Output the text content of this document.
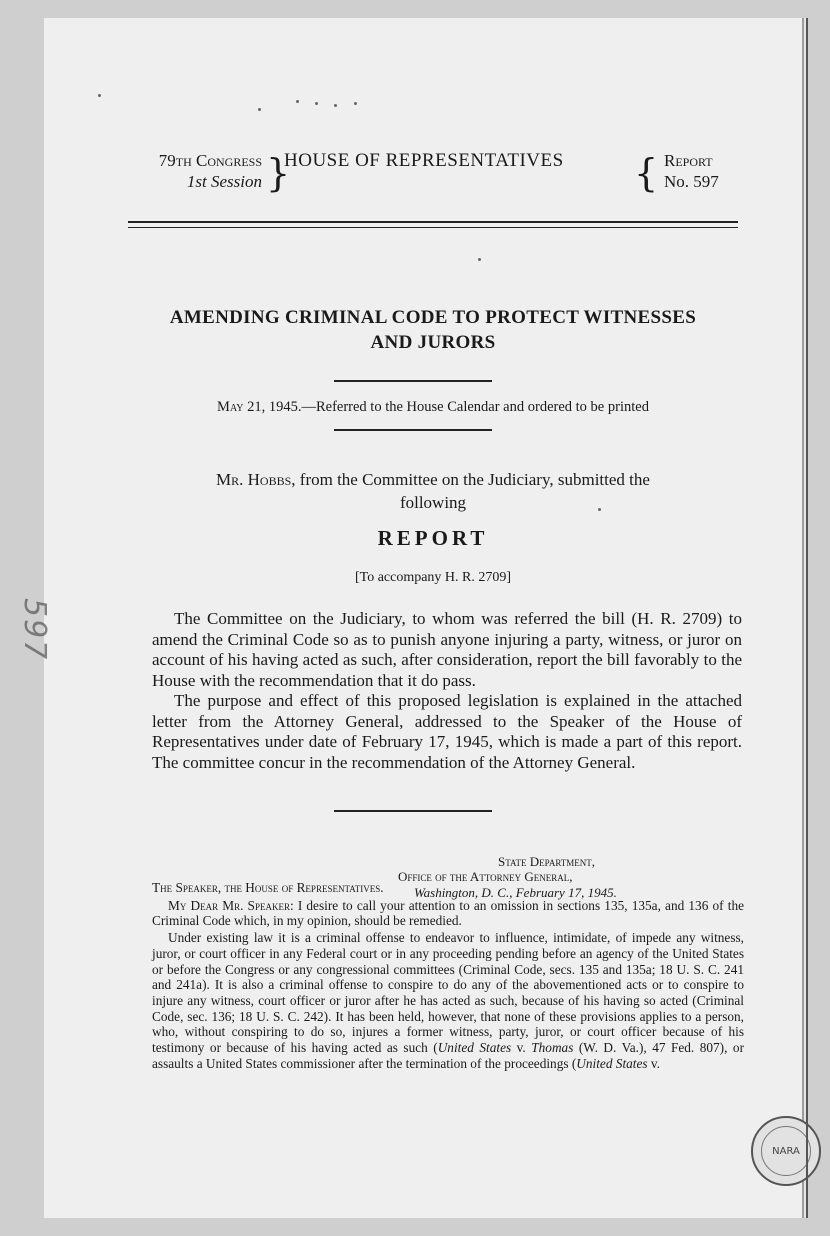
79th Congress
1st Session }
HOUSE OF REPRESENTATIVES { Report
No. 597
AMENDING CRIMINAL CODE TO PROTECT WITNESSES
AND JURORS
May 21, 1945.—Referred to the House Calendar and ordered to be printed
Mr. Hobbs, from the Committee on the Judiciary, submitted the
following
REPORT
[To accompany H. R. 2709]

The Committee on the Judiciary, to whom was referred the bill (H. R. 2709) to amend the Criminal Code so as to punish anyone injuring a party, witness, or juror on account of his having acted as such, after consideration, report the bill favorably to the House with the recommendation that it do pass.

The purpose and effect of this proposed legislation is explained in the attached letter from the Attorney General, addressed to the Speaker of the House of Representatives under date of February 17, 1945, which is made a part of this report. The committee concur in the recommendation of the Attorney General.

State Department,
Office of the Attorney General,
Washington, D. C., February 17, 1945.

The Speaker, the House of Representatives.

My Dear Mr. Speaker: I desire to call your attention to an omission in sections 135, 135a, and 136 of the Criminal Code which, in my opinion, should be remedied.

Under existing law it is a criminal offense to endeavor to influence, intimidate, of impede any witness, juror, or court officer in any Federal court or in any proceeding pending before an agency of the United States or before the Congress or any congressional committees (Criminal Code, secs. 135 and 135a; 18 U. S. C. 241 and 241a). It is also a criminal offense to conspire to do any of the abovementioned acts or to conspire to injure any witness, court officer or juror after he has acted as such, because of his having so acted (Criminal Code, sec. 136; 18 U. S. C. 242). It has been held, however, that none of these provisions applies to a person, who, without conspiring to do so, injures a former witness, party, juror, or court officer because of his testimony or because of his having acted as such (United States v. Thomas (W. D. Va.), 47 Fed. 807), or assaults a United States commissioner after the termination of the proceedings (United States v.

597
NARA
